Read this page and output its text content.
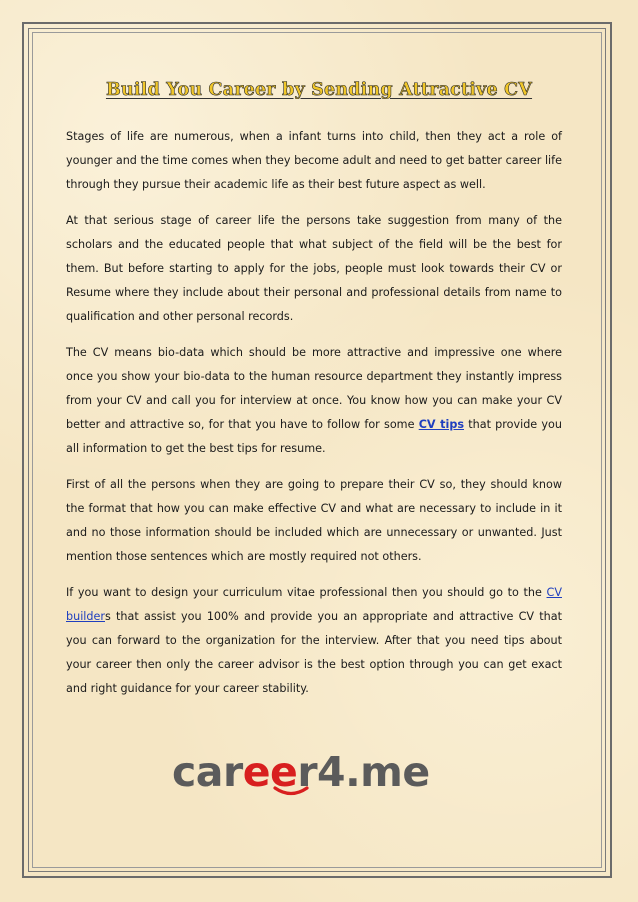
Build You Career by Sending Attractive CV

Stages of life are numerous, when a infant turns into child, then they act a role of younger and the time comes when they become adult and need to get batter career life through they pursue their academic life as their best future aspect as well.

At that serious stage of career life the persons take suggestion from many of the scholars and the educated people that what subject of the field will be the best for them. But before starting to apply for the jobs, people must look towards their CV or Resume where they include about their personal and professional details from name to qualification and other personal records.

The CV means bio-data which should be more attractive and impressive one where once you show your bio-data to the human resource department they instantly impress from your CV and call you for interview at once. You know how you can make your CV better and attractive so, for that you have to follow for some CV tips that provide you all information to get the best tips for resume.

First of all the persons when they are going to prepare their CV so, they should know the format that how you can make effective CV and what are necessary to include in it and no those information should be included which are unnecessary or unwanted. Just mention those sentences which are mostly required not others.

If you want to design your curriculum vitae professional then you should go to the CV builders that assist you 100% and provide you an appropriate and attractive CV that you can forward to the organization for the interview. After that you need tips about your career then only the career advisor is the best option through you can get exact and right guidance for your career stability.

career4.me
